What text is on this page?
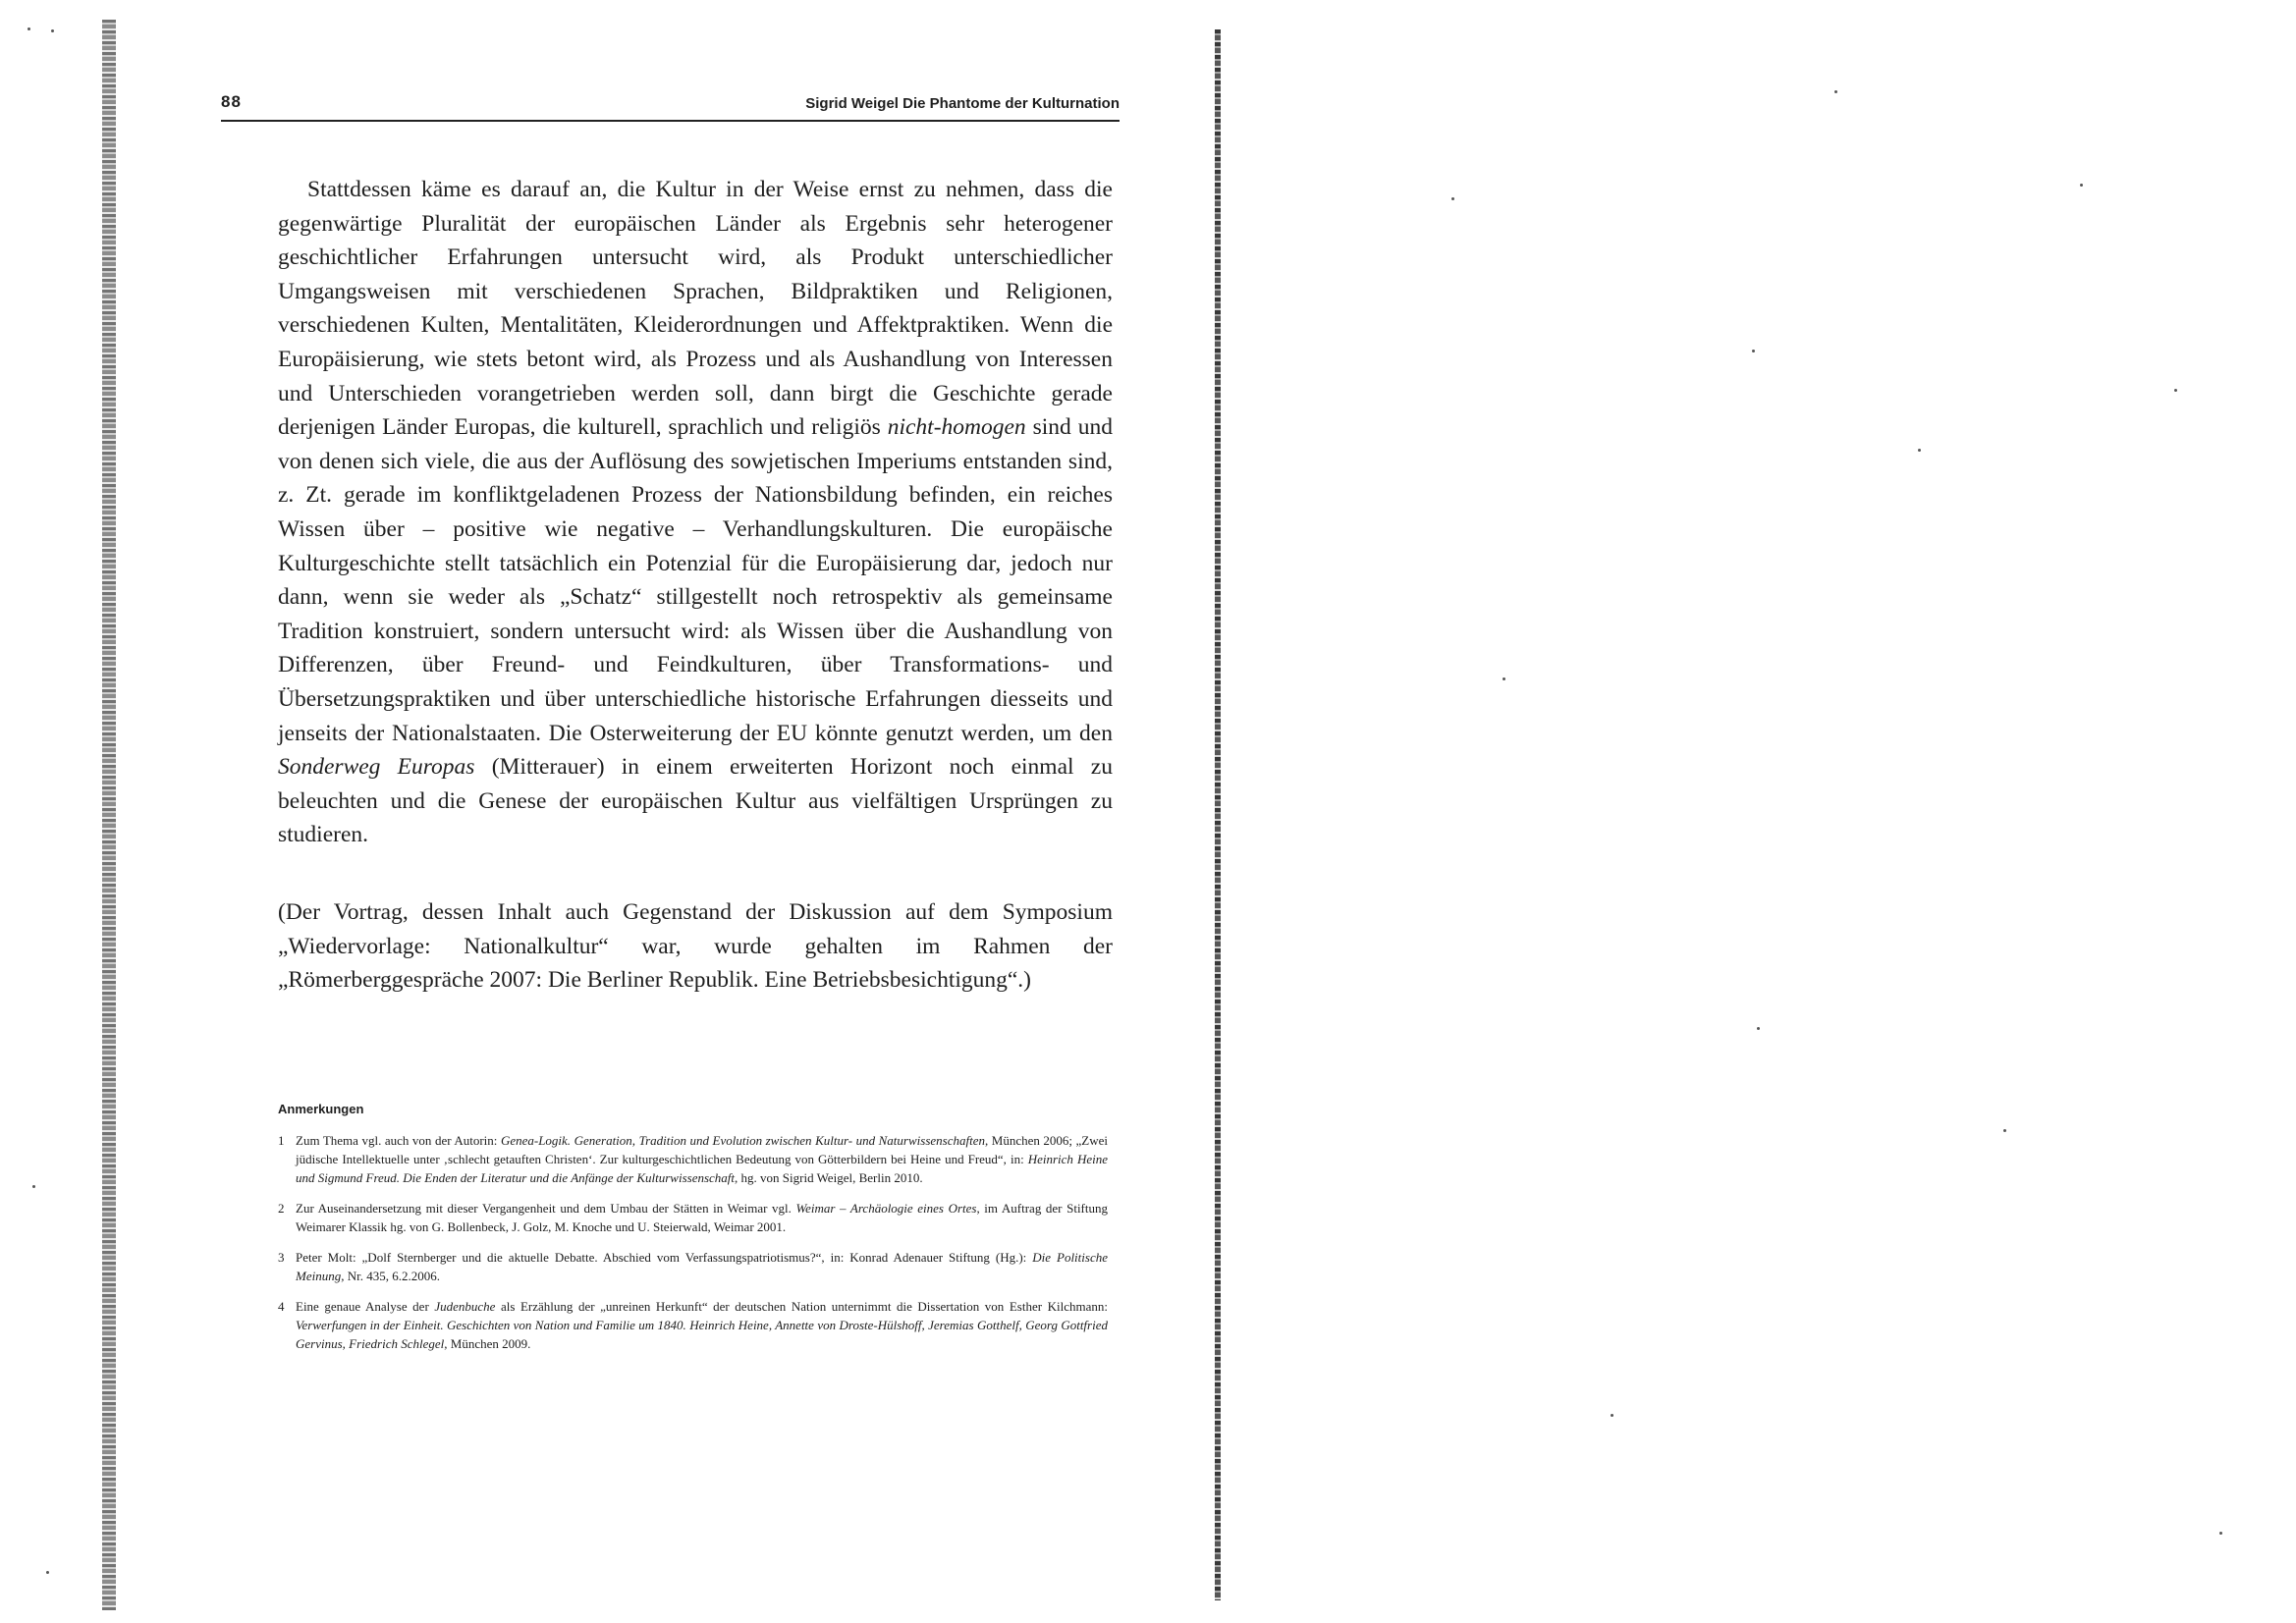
88	Sigrid Weigel Die Phantome der Kulturnation

Stattdessen käme es darauf an, die Kultur in der Weise ernst zu nehmen, dass die gegenwärtige Pluralität der europäischen Länder als Ergebnis sehr heterogener geschichtlicher Erfahrungen untersucht wird, als Produkt unterschiedlicher Umgangsweisen mit verschiedenen Sprachen, Bildpraktiken und Religionen, verschiedenen Kulten, Mentalitäten, Kleiderordnungen und Affektpraktiken. Wenn die Europäisierung, wie stets betont wird, als Prozess und als Aushandlung von Interessen und Unterschieden vorangetrieben werden soll, dann birgt die Geschichte gerade derjenigen Länder Europas, die kulturell, sprachlich und religiös nicht-homogen sind und von denen sich viele, die aus der Auflösung des sowjetischen Imperiums entstanden sind, z. Zt. gerade im konfliktgeladenen Prozess der Nationsbildung befinden, ein reiches Wissen über – positive wie negative – Verhandlungskulturen. Die europäische Kulturgeschichte stellt tatsächlich ein Potenzial für die Europäisierung dar, jedoch nur dann, wenn sie weder als „Schatz“ stillgestellt noch retrospektiv als gemeinsame Tradition konstruiert, sondern untersucht wird: als Wissen über die Aushandlung von Differenzen, über Freund- und Feindkulturen, über Transformations- und Übersetzungspraktiken und über unterschiedliche historische Erfahrungen diesseits und jenseits der Nationalstaaten. Die Osterweiterung der EU könnte genutzt werden, um den Sonderweg Europas (Mitterauer) in einem erweiterten Horizont noch einmal zu beleuchten und die Genese der europäischen Kultur aus vielfältigen Ursprüngen zu studieren.

(Der Vortrag, dessen Inhalt auch Gegenstand der Diskussion auf dem Symposium „Wiedervorlage: Nationalkultur“ war, wurde gehalten im Rahmen der „Römerberggespräche 2007: Die Berliner Republik. Eine Betriebsbesichtigung“.)

Anmerkungen
1 Zum Thema vgl. auch von der Autorin: Genea-Logik. Generation, Tradition und Evolution zwischen Kultur- und Naturwissenschaften, München 2006; „Zwei jüdische Intellektuelle unter ‚schlecht getauften Christen‘. Zur kulturgeschichtlichen Bedeutung von Götterbildern bei Heine und Freud“, in: Heinrich Heine und Sigmund Freud. Die Enden der Literatur und die Anfänge der Kulturwissenschaft, hg. von Sigrid Weigel, Berlin 2010.
2 Zur Auseinandersetzung mit dieser Vergangenheit und dem Umbau der Stätten in Weimar vgl. Weimar – Archäologie eines Ortes, im Auftrag der Stiftung Weimarer Klassik hg. von G. Bollenbeck, J. Golz, M. Knoche und U. Steierwald, Weimar 2001.
3 Peter Molt: „Dolf Sternberger und die aktuelle Debatte. Abschied vom Verfassungspatriotismus?“, in: Konrad Adenauer Stiftung (Hg.): Die Politische Meinung, Nr. 435, 6.2.2006.
4 Eine genaue Analyse der Judenbuche als Erzählung der „unreinen Herkunft“ der deutschen Nation unternimmt die Dissertation von Esther Kilchmann: Verwerfungen in der Einheit. Geschichten von Nation und Familie um 1840. Heinrich Heine, Annette von Droste-Hülshoff, Jeremias Gotthelf, Georg Gottfried Gervinus, Friedrich Schlegel, München 2009.
